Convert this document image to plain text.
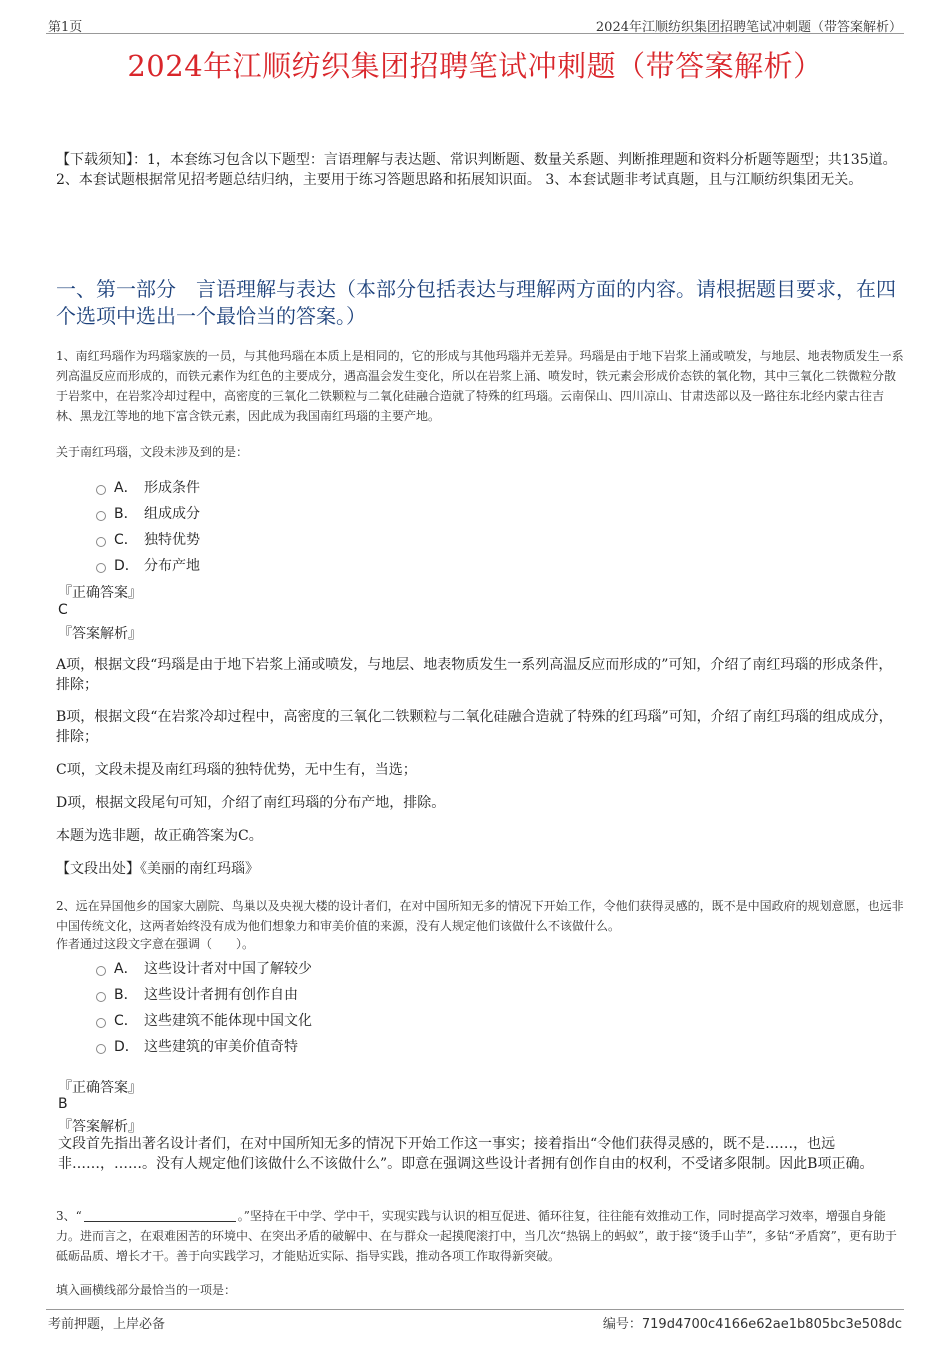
第1页	2024年江顺纺织集团招聘笔试冲刺题（带答案解析）
2024年江顺纺织集团招聘笔试冲刺题（带答案解析）
【下载须知】：1，本套练习包含以下题型：言语理解与表达题、常识判断题、数量关系题、判断推理题和资料分析题等题型；共135道。 2、本套试题根据常见招考题总结归纳，主要用于练习答题思路和拓展知识面。 3、本套试题非考试真题，且与江顺纺织集团无关。
一、第一部分　言语理解与表达（本部分包括表达与理解两方面的内容。请根据题目要求，在四个选项中选出一个最恰当的答案。）
1、南红玛瑙作为玛瑙家族的一员，与其他玛瑙在本质上是相同的，它的形成与其他玛瑙并无差异。玛瑙是由于地下岩浆上涌或喷发，与地层、地表物质发生一系列高温反应而形成的，而铁元素作为红色的主要成分，遇高温会发生变化，所以在岩浆上涌、喷发时，铁元素会形成价态铁的氧化物，其中三氧化二铁微粒分散于岩浆中，在岩浆冷却过程中，高密度的三氧化二铁颗粒与二氧化硅融合造就了特殊的红玛瑙。云南保山、四川凉山、甘肃迭部以及一路往东北经内蒙古往吉林、黑龙江等地的地下富含铁元素，因此成为我国南红玛瑙的主要产地。
关于南红玛瑙，文段未涉及到的是：
A． 形成条件
B． 组成成分
C． 独特优势
D． 分布产地
『正确答案』
C
『答案解析』
A项，根据文段“玛瑙是由于地下岩浆上涌或喷发，与地层、地表物质发生一系列高温反应而形成的”可知，介绍了南红玛瑙的形成条件，排除；
B项，根据文段“在岩浆冷却过程中，高密度的三氧化二铁颗粒与二氧化硅融合造就了特殊的红玛瑙”可知，介绍了南红玛瑙的组成成分，排除；
C项，文段未提及南红玛瑙的独特优势，无中生有，当选；
D项，根据文段尾句可知，介绍了南红玛瑙的分布产地，排除。
本题为选非题，故正确答案为C。
【文段出处】《美丽的南红玛瑙》
2、远在异国他乡的国家大剧院、鸟巢以及央视大楼的设计者们，在对中国所知无多的情况下开始工作，令他们获得灵感的，既不是中国政府的规划意愿，也远非中国传统文化，这两者始终没有成为他们想象力和审美价值的来源，没有人规定他们该做什么不该做什么。
作者通过这段文字意在强调（　　）。
A． 这些设计者对中国了解较少
B． 这些设计者拥有创作自由
C． 这些建筑不能体现中国文化
D． 这些建筑的审美价值奇特
『正确答案』
B
『答案解析』
文段首先指出著名设计者们，在对中国所知无多的情况下开始工作这一事实；接着指出“令他们获得灵感的，既不是……，也远非……，……。没有人规定他们该做什么不该做什么”。即意在强调这些设计者拥有创作自由的权利，不受诸多限制。因此B项正确。
3、“	。”坚持在干中学、学中干，实现实践与认识的相互促进、循环往复，往往能有效推动工作，同时提高学习效率，增强自身能力。进而言之，在艰难困苦的环境中、在突出矛盾的破解中、在与群众一起摸爬滚打中，当几次“热锅上的蚂蚁”，敢于接“烫手山芋”，多钻“矛盾窝”，更有助于砥砺品质、增长才干。善于向实践学习，才能贴近实际、指导实践，推动各项工作取得新突破。
填入画横线部分最恰当的一项是：
考前押题，上岸必备	编号：719d4700c4166e62ae1b805bc3e508dc
